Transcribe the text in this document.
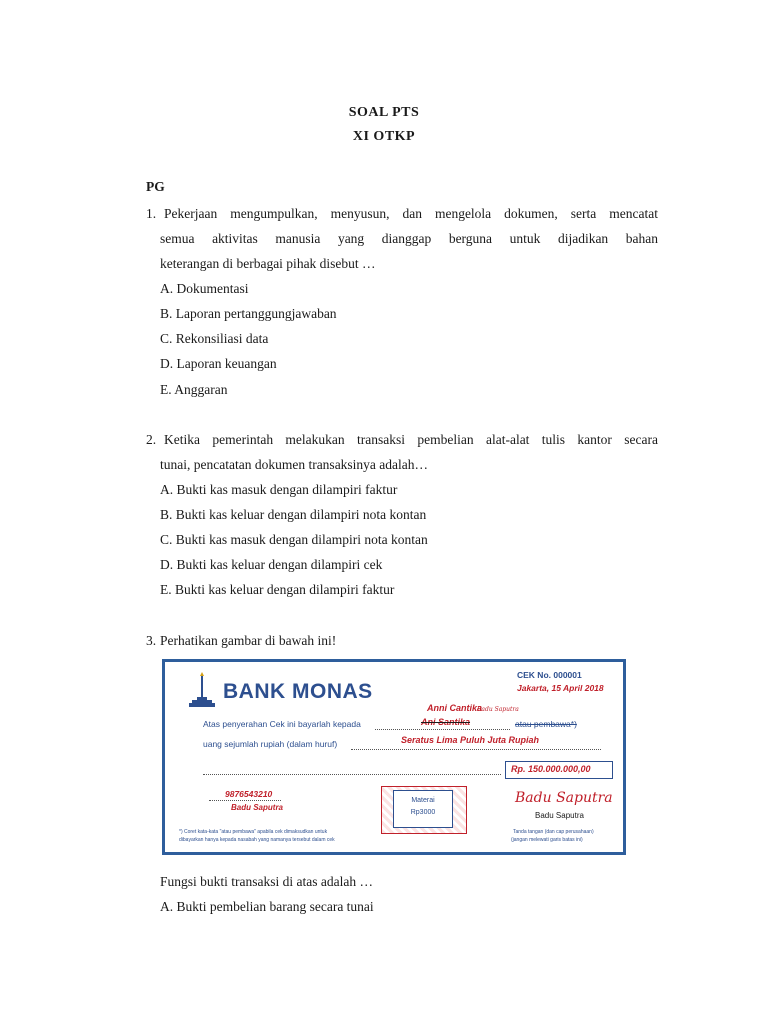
SOAL PTS
XI OTKP
PG
1. Pekerjaan mengumpulkan, menyusun, dan mengelola dokumen, serta mencatat
semua aktivitas manusia yang dianggap berguna untuk dijadikan bahan
keterangan di berbagai pihak disebut …
A. Dokumentasi
B. Laporan pertanggungjawaban
C. Rekonsiliasi data
D. Laporan keuangan
E. Anggaran
2. Ketika pemerintah melakukan transaksi pembelian alat-alat tulis kantor secara
tunai, pencatatan dokumen transaksinya adalah…
A. Bukti kas masuk dengan dilampiri faktur
B. Bukti kas keluar dengan dilampiri nota kontan
C. Bukti kas masuk dengan dilampiri nota kontan
D. Bukti kas keluar dengan dilampiri cek
E. Bukti kas keluar dengan dilampiri faktur
3. Perhatikan gambar di bawah ini!
BANK MONAS
CEK No. 000001
Jakarta, 15 April 2018
Anni Cantika
Ani Santika
Badu Saputra
Atas penyerahan Cek ini bayarlah kepada	atau pembawa*)
uang sejumlah rupiah (dalam huruf)	Seratus Lima Puluh Juta Rupiah
Rp. 150.000.000,00
9876543210
Badu Saputra
Materai
Rp3000
Badu Saputra
Badu Saputra
*) Coret kata-kata "atau pembawa" apabila cek dimaksudkan untuk
dibayarkan hanya kepada nasabah yang namanya tersebut dalam cek
Tanda tangan (dan cap perusahaan)
(jangan melewati garis batas ini)
Fungsi bukti transaksi di atas adalah …
A. Bukti pembelian barang secara tunai
